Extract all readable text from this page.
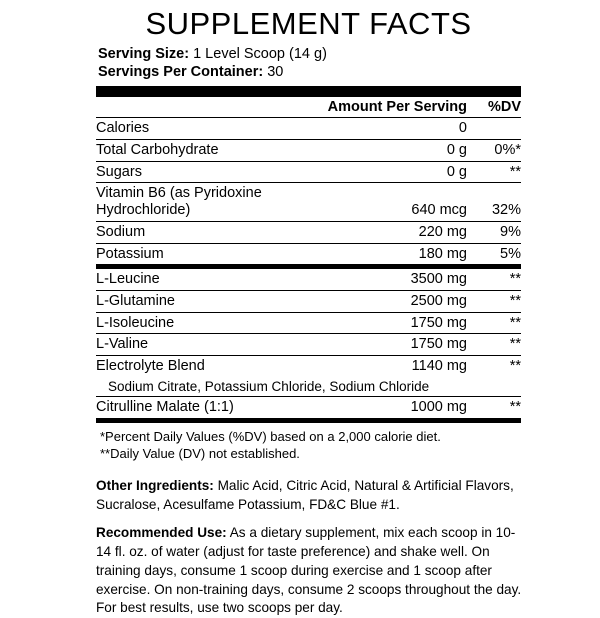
SUPPLEMENT FACTS
Serving Size: 1 Level Scoop (14 g)
Servings Per Container: 30
	Amount Per Serving	%DV
Calories	0	
Total Carbohydrate	0 g	0%*
Sugars	0 g	**
Vitamin B6 (as Pyridoxine Hydrochloride)	640 mcg	32%
Sodium	220 mg	9%
Potassium	180 mg	5%
L-Leucine	3500 mg	**
L-Glutamine	2500 mg	**
L-Isoleucine	1750 mg	**
L-Valine	1750 mg	**
Electrolyte Blend	1140 mg	**
Sodium Citrate, Potassium Chloride, Sodium Chloride		
Citrulline Malate (1:1)	1000 mg	**
*Percent Daily Values (%DV) based on a 2,000 calorie diet.
**Daily Value (DV) not established.

Other Ingredients: Malic Acid, Citric Acid, Natural & Artificial Flavors, Sucralose, Acesulfame Potassium, FD&C Blue #1.

Recommended Use: As a dietary supplement, mix each scoop in 10-14 fl. oz. of water (adjust for taste preference) and shake well. On training days, consume 1 scoop during exercise and 1 scoop after exercise. On non-training days, consume 2 scoops throughout the day. For best results, use two scoops per day.
